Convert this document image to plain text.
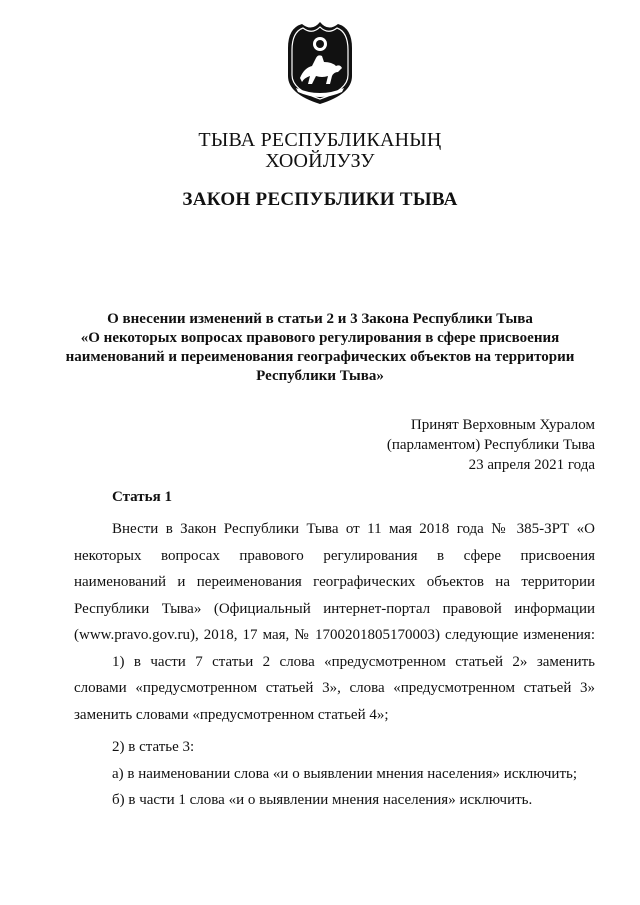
ТЫВА РЕСПУБЛИКАНЫҢ
ХООЙЛУЗУ
ЗАКОН РЕСПУБЛИКИ ТЫВА
О внесении изменений в статьи 2 и 3 Закона Республики Тыва
«О некоторых вопросах правового регулирования в сфере присвоения
наименований и переименования географических объектов на территории
Республики Тыва»
Принят Верховным Хуралом
(парламентом) Республики Тыва
23 апреля 2021 года
Статья 1
Внести в Закон Республики Тыва от 11 мая 2018 года № 385-ЗРТ «О
некоторых вопросах правового регулирования в сфере присвоения
наименований и переименования географических объектов на территории
Республики Тыва» (Официальный интернет-портал правовой информации
(www.pravo.gov.ru), 2018, 17 мая, № 1700201805170003) следующие изменения:
1) в части 7 статьи 2 слова «предусмотренном статьей 2» заменить
словами «предусмотренном статьей 3», слова «предусмотренном статьей 3»
заменить словами «предусмотренном статьей 4»;
2) в статье 3:
а) в наименовании слова «и о выявлении мнения населения» исключить;
б) в части 1 слова «и о выявлении мнения населения» исключить.
